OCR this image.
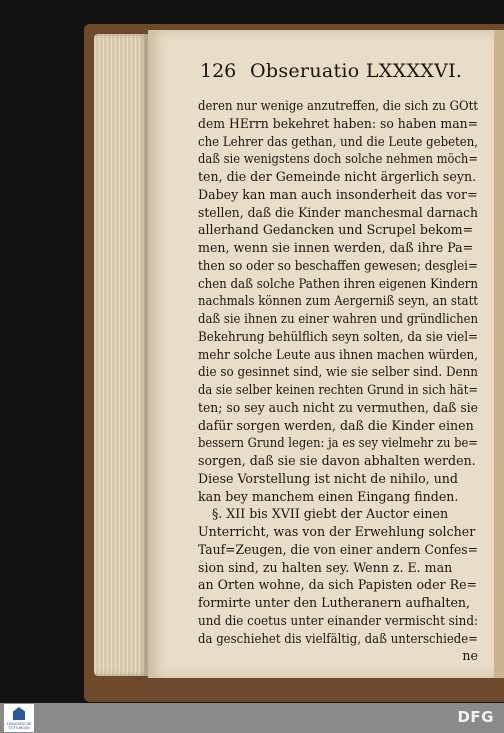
126 Obseruatio LXXXXVI.
deren nur wenige anzutreffen, die sich zu GOtt
dem HErrn bekehret haben: so haben man=
che Lehrer das gethan, und die Leute gebeten,
daß sie wenigstens doch solche nehmen möch=
ten, die der Gemeinde nicht ärgerlich seyn.
Dabey kan man auch insonderheit das vor=
stellen, daß die Kinder manchesmal darnach
allerhand Gedancken und Scrupel bekom=
men, wenn sie innen werden, daß ihre Pa=
then so oder so beschaffen gewesen; desglei=
chen daß solche Pathen ihren eigenen Kindern
nachmals können zum Aergerniß seyn, an statt
daß sie ihnen zu einer wahren und gründlichen
Bekehrung behülflich seyn solten, da sie viel=
mehr solche Leute aus ihnen machen würden,
die so gesinnet sind, wie sie selber sind. Denn
da sie selber keinen rechten Grund in sich hät=
ten; so sey auch nicht zu vermuthen, daß sie
dafür sorgen werden, daß die Kinder einen
bessern Grund legen: ja es sey vielmehr zu be=
sorgen, daß sie sie davon abhalten werden.
Diese Vorstellung ist nicht de nihilo, und
kan bey manchem einen Eingang finden.
§. XII bis XVII giebt der Auctor einen
Unterricht, was von der Erwehlung solcher
Tauf=Zeugen, die von einer andern Confes=
sion sind, zu halten sey. Wenn z. E. man
an Orten wohne, da sich Papisten oder Re=
formirte unter den Lutheranern aufhalten,
und die coetus unter einander vermischt sind:
da geschiehet dis vielfältig, daß unterschiede=
ne
FRANCKESCHE STIFTUNGEN
DFG
